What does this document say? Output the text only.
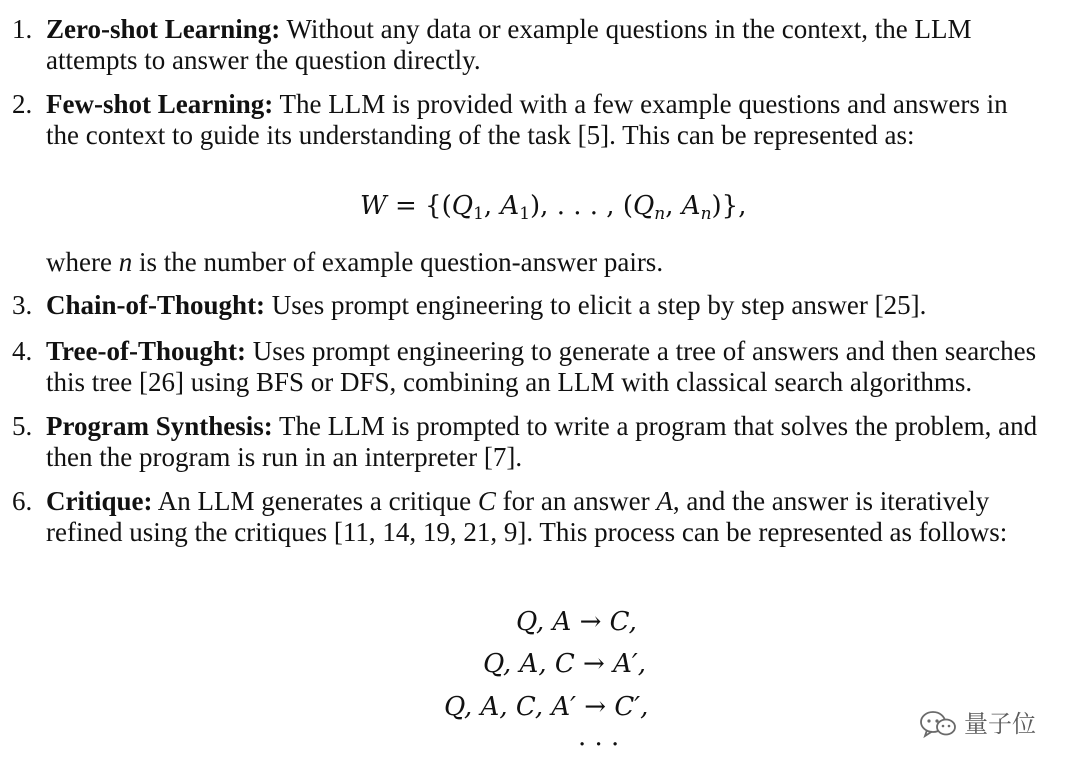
1. Zero-shot Learning: Without any data or example questions in the context, the LLM
attempts to answer the question directly.
2. Few-shot Learning: The LLM is provided with a few example questions and answers in
the context to guide its understanding of the task [5]. This can be represented as:
$W = \{(Q_1$, $A_1$), . . . , ($Q_n$, $A_n$)},
where n is the number of example question-answer pairs.
3. Chain-of-Thought: Uses prompt engineering to elicit a step by step answer [25].
4. Tree-of-Thought: Uses prompt engineering to generate a tree of answers and then searches
this tree [26] using BFS or DFS, combining an LLM with classical search algorithms.
5. Program Synthesis: The LLM is prompted to write a program that solves the problem, and
then the program is run in an interpreter [7].
6. Critique: An LLM generates a critique C for an answer A, and the answer is iteratively
refined using the critiques [11, 14, 19, 21, 9]. This process can be represented as follows:
Q, A → C,
Q, A, C → A′,
Q, A, C, A′ → C′,
· · ·
量子位
